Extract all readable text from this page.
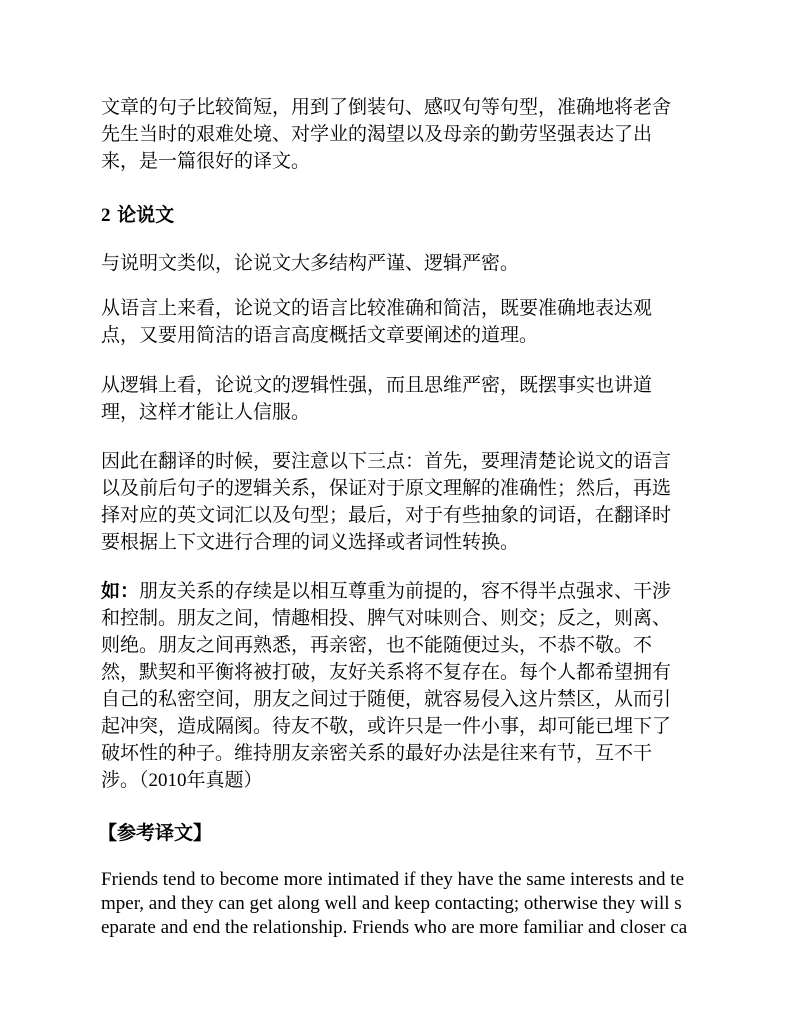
文章的句子比较简短，用到了倒装句、感叹句等句型，准确地将老舍
先生当时的艰难处境、对学业的渴望以及母亲的勤劳坚强表达了出
来，是一篇很好的译文。
2 论说文
与说明文类似，论说文大多结构严谨、逻辑严密。
从语言上来看，论说文的语言比较准确和简洁，既要准确地表达观
点，又要用简洁的语言高度概括文章要阐述的道理。
从逻辑上看，论说文的逻辑性强，而且思维严密，既摆事实也讲道
理，这样才能让人信服。
因此在翻译的时候，要注意以下三点：首先，要理清楚论说文的语言
以及前后句子的逻辑关系，保证对于原文理解的准确性；然后，再选
择对应的英文词汇以及句型；最后，对于有些抽象的词语，在翻译时
要根据上下文进行合理的词义选择或者词性转换。
如：朋友关系的存续是以相互尊重为前提的，容不得半点强求、干涉
和控制。朋友之间，情趣相投、脾气对味则合、则交；反之，则离、
则绝。朋友之间再熟悉，再亲密，也不能随便过头，不恭不敬。不
然，默契和平衡将被打破，友好关系将不复存在。每个人都希望拥有
自己的私密空间，朋友之间过于随便，就容易侵入这片禁区，从而引
起冲突，造成隔阂。待友不敬，或许只是一件小事，却可能已埋下了
破坏性的种子。维持朋友亲密关系的最好办法是往来有节，互不干
涉。（2010年真题）
【参考译文】
Friends tend to become more intimated if they have the same interests and te
mper, and they can get along well and keep contacting; otherwise they will s
eparate and end the relationship. Friends who are more familiar and closer ca
